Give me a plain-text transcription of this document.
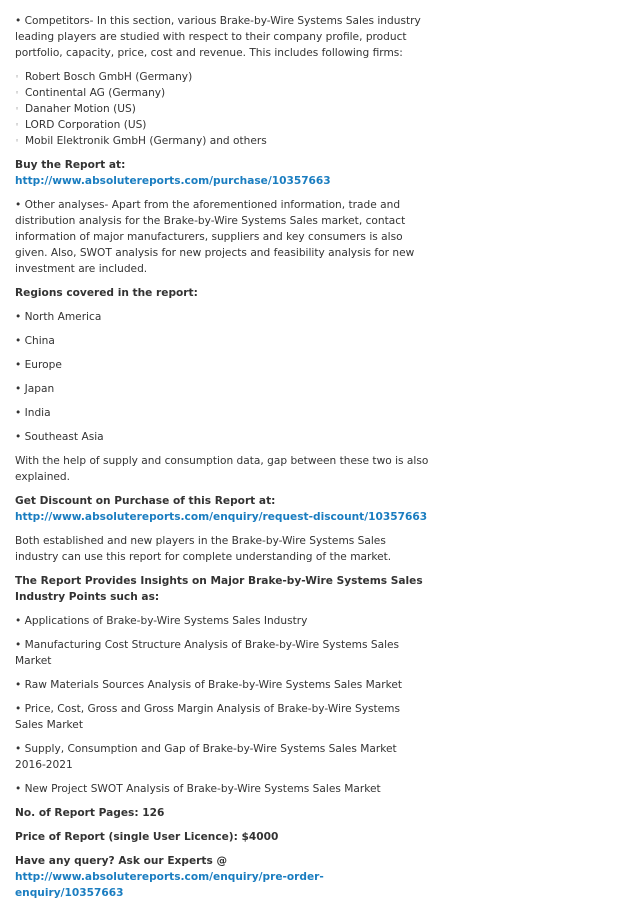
• Competitors- In this section, various Brake-by-Wire Systems Sales industry leading players are studied with respect to their company profile, product portfolio, capacity, price, cost and revenue. This includes following firms:

◦ Robert Bosch GmbH (Germany)
◦ Continental AG (Germany)
◦ Danaher Motion (US)
◦ LORD Corporation (US)
◦ Mobil Elektronik GmbH (Germany) and others

Buy the Report at:

http://www.absolutereports.com/purchase/10357663

• Other analyses- Apart from the aforementioned information, trade and distribution analysis for the Brake-by-Wire Systems Sales market, contact information of major manufacturers, suppliers and key consumers is also given. Also, SWOT analysis for new projects and feasibility analysis for new investment are included.

Regions covered in the report:

• North America

• China

• Europe

• Japan

• India

• Southeast Asia

With the help of supply and consumption data, gap between these two is also explained.

Get Discount on Purchase of this Report at:

http://www.absolutereports.com/enquiry/request-discount/10357663

Both established and new players in the Brake-by-Wire Systems Sales industry can use this report for complete understanding of the market.

The Report Provides Insights on Major Brake-by-Wire Systems Sales Industry Points such as:

• Applications of Brake-by-Wire Systems Sales Industry

• Manufacturing Cost Structure Analysis of Brake-by-Wire Systems Sales Market

• Raw Materials Sources Analysis of Brake-by-Wire Systems Sales Market

• Price, Cost, Gross and Gross Margin Analysis of Brake-by-Wire Systems Sales Market

• Supply, Consumption and Gap of Brake-by-Wire Systems Sales Market 2016-2021

• New Project SWOT Analysis of Brake-by-Wire Systems Sales Market

No. of Report Pages: 126

Price of Report (single User Licence): $4000

Have any query? Ask our Experts @

http://www.absolutereports.com/enquiry/pre-order-enquiry/10357663
